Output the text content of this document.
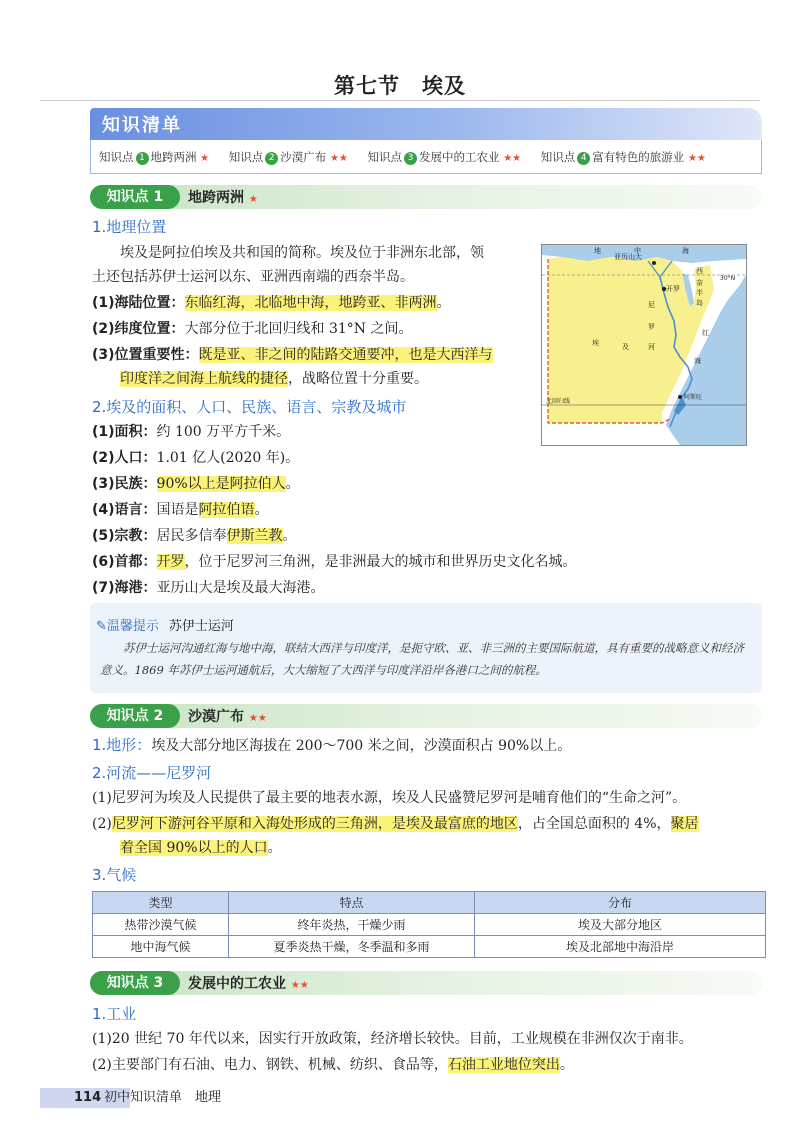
第七节　埃及
知识清单
知识点 1 地跨两洲 ★ 知识点 2 沙漠广布 ★★ 知识点 3 发展中的工农业 ★★ 知识点 4 富有特色的旅游业 ★★
知识点 1	地跨两洲 ★
1.地理位置
埃及是阿拉伯埃及共和国的简称。埃及位于非洲东北部，领
土还包括苏伊士运河以东、亚洲西南端的西奈半岛。
(1)海陆位置：东临红海，北临地中海，地跨亚、非两洲。
(2)纬度位置：大部分位于北回归线和 31°N 之间。
(3)位置重要性：既是亚、非之间的陆路交通要冲，也是大西洋与
印度洋之间海上航线的捷径，战略位置十分重要。
2.埃及的面积、人口、民族、语言、宗教及城市
(1)面积：约 100 万平方千米。
(2)人口：1.01 亿人(2020 年)。
(3)民族：90%以上是阿拉伯人。
(4)语言：国语是阿拉伯语。
(5)宗教：居民多信奉伊斯兰教。
(6)首都：开罗，位于尼罗河三角洲，是非洲最大的城市和世界历史文化名城。
(7)海港：亚历山大是埃及最大海港。
地	中	海
亚历山大
开罗
西
奈
半
岛
30°N
尼
罗
河
红
海
埃	及
北回归线
阿斯旺
✎温馨提示 苏伊士运河
苏伊士运河沟通红海与地中海，联结大西洋与印度洋，是扼守欧、亚、非三洲的主要国际航道，具有重要的战略意义和经济意义。1869 年苏伊士运河通航后，大大缩短了大西洋与印度洋沿岸各港口之间的航程。
知识点 2	沙漠广布 ★★
1.地形：埃及大部分地区海拔在 200～700 米之间，沙漠面积占 90%以上。
2.河流——尼罗河
(1)尼罗河为埃及人民提供了最主要的地表水源，埃及人民盛赞尼罗河是哺育他们的“生命之河”。
(2)尼罗河下游河谷平原和入海处形成的三角洲，是埃及最富庶的地区，占全国总面积的 4%，聚居
着全国 90%以上的人口。
3.气候
类型	特点	分布
热带沙漠气候	终年炎热，干燥少雨	埃及大部分地区
地中海气候	夏季炎热干燥，冬季温和多雨	埃及北部地中海沿岸
知识点 3	发展中的工农业 ★★
1.工业
(1)20 世纪 70 年代以来，因实行开放政策，经济增长较快。目前，工业规模在非洲仅次于南非。
(2)主要部门有石油、电力、钢铁、机械、纺织、食品等，石油工业地位突出。
114 初中知识清单　地理
